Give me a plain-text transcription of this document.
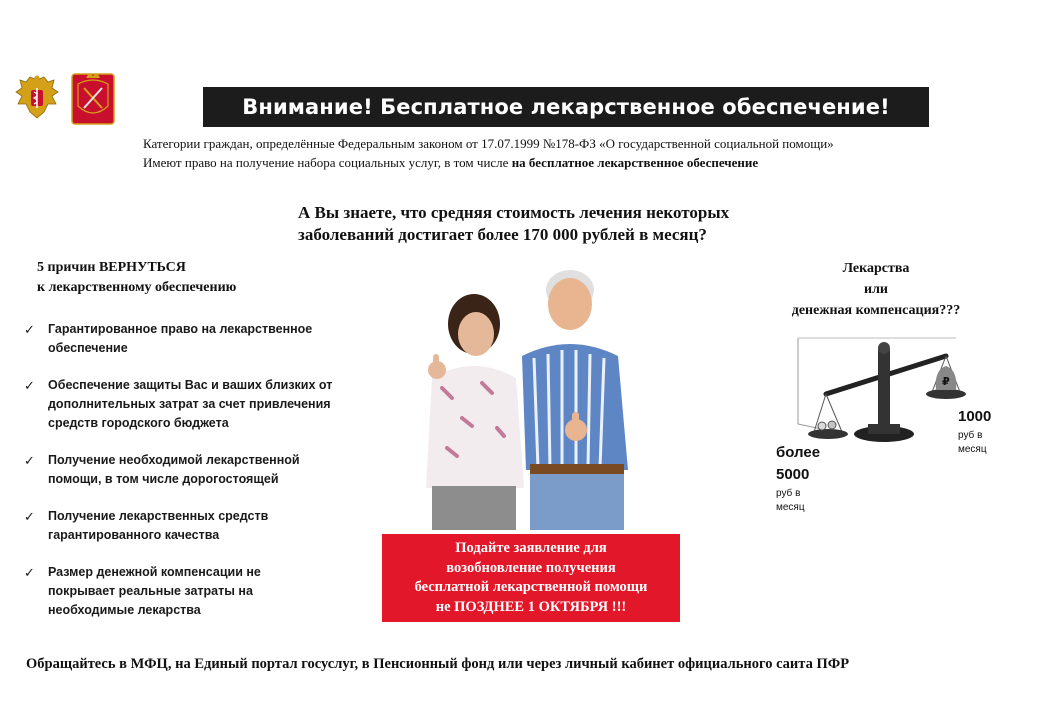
Внимание! Бесплатное лекарственное обеспечение!
Категории граждан, определённые Федеральным законом от 17.07.1999 №178-ФЗ «О государственной социальной помощи»
Имеют право на получение набора социальных услуг, в том числе на бесплатное лекарственное обеспечение
А Вы знаете, что средняя стоимость лечения некоторых
заболеваний достигает более 170 000 рублей в месяц?
5 причин ВЕРНУТЬСЯ
к лекарственному обеспечению
✓ Гарантированное право на лекарственное
обеспечение
✓ Обеспечение защиты Вас и ваших близких от
дополнительных затрат за счет привлечения
средств городского бюджета
✓ Получение необходимой лекарственной
помощи, в том числе дорогостоящей
✓ Получение лекарственных средств
гарантированного качества
✓ Размер денежной компенсации не
покрывает реальные затраты на
необходимые лекарства
Подайте заявление для
возобновление получения
бесплатной лекарственной помощи
не ПОЗДНЕЕ 1 ОКТЯБРЯ !!!
Лекарства
или
денежная компенсация???
₽
1000
руб в
месяц
более
5000
руб в
месяц
Обращайтесь в МФЦ, на Единый портал госуслуг, в Пенсионный фонд или через личный кабинет официального саита ПФР
